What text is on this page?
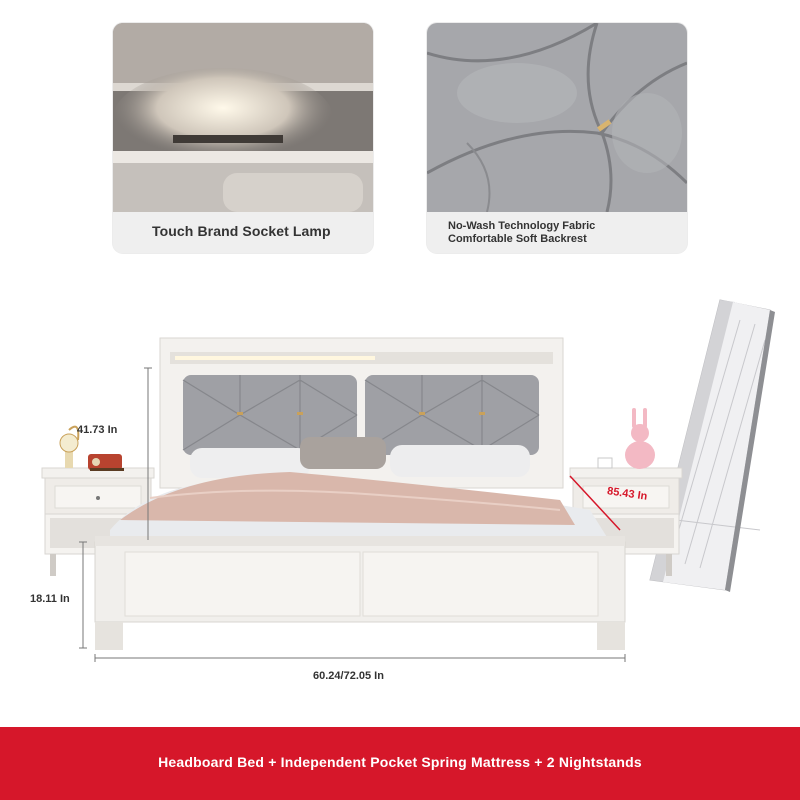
Touch Brand Socket Lamp	No-Wash Technology Fabric
Comfortable Soft Backrest
41.73 In
18.11 In
60.24/72.05 In
85.43 In
Headboard Bed + Independent Pocket Spring Mattress + 2 Nightstands
